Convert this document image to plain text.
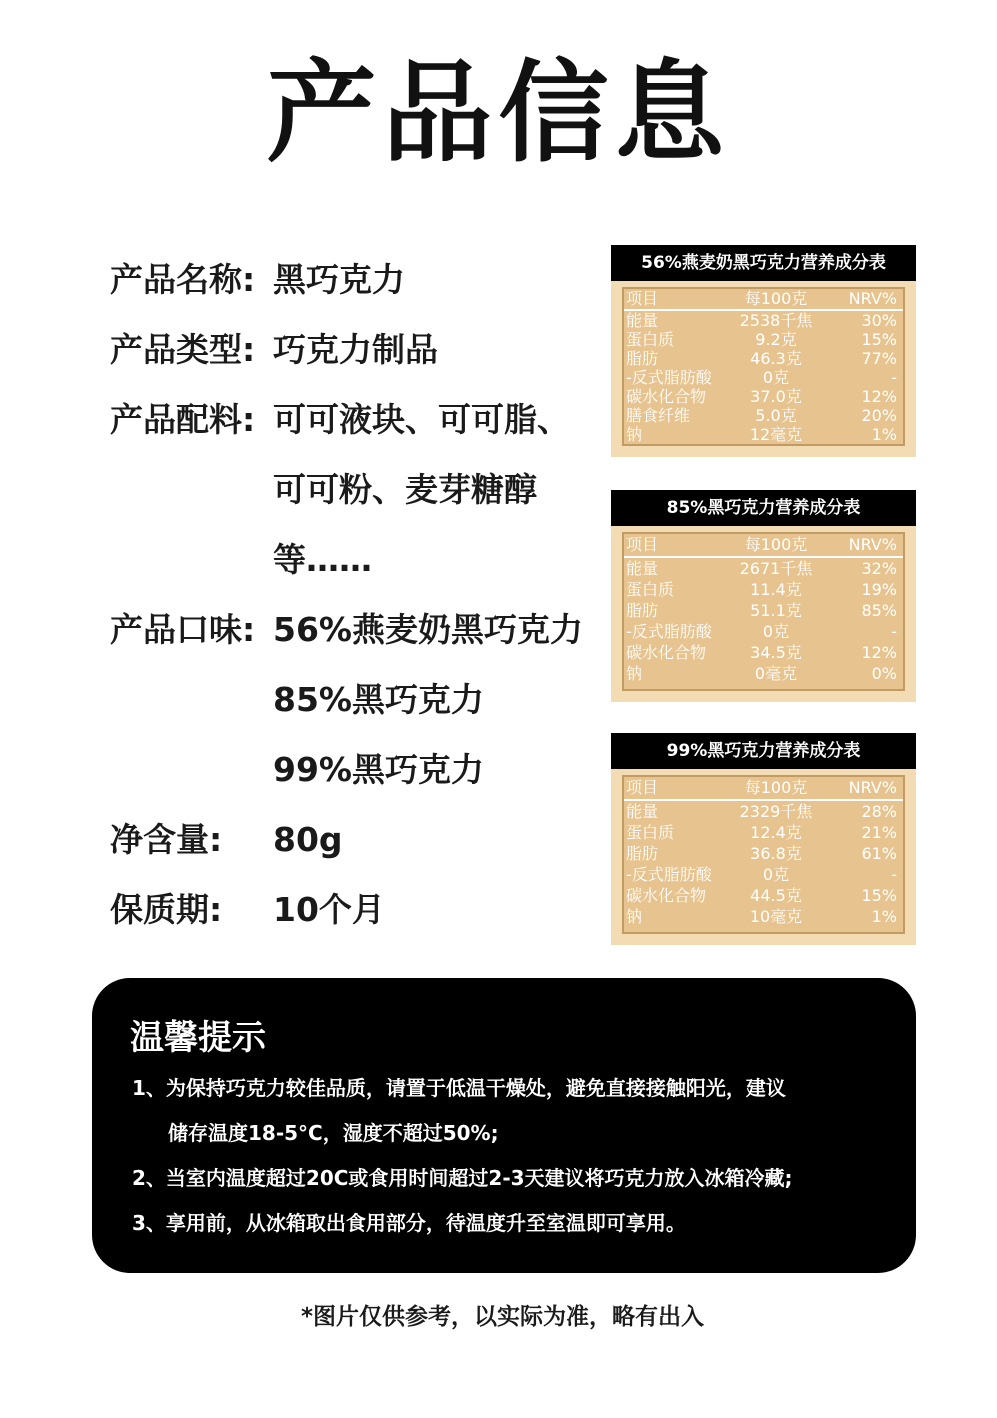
产品信息
产品名称: 黑巧克力
产品类型: 巧克力制品
产品配料: 可可液块、可可脂、
可可粉、麦芽糖醇
等……
产品口味: 56%燕麦奶黑巧克力
85%黑巧克力
99%黑巧克力
净含量:	80g
保质期:	10个月
56%燕麦奶黑巧克力营养成分表
项目	每100克	NRV%
能量	2538千焦	30%
蛋白质	9.2克	15%
脂肪	46.3克	77%
-反式脂肪酸	0克	-
碳水化合物	37.0克	12%
膳食纤维	5.0克	20%
钠	12毫克	1%
85%黑巧克力营养成分表
项目	每100克	NRV%
能量	2671千焦	32%
蛋白质	11.4克	19%
脂肪	51.1克	85%
-反式脂肪酸	0克	-
碳水化合物	34.5克	12%
钠	0毫克	0%
99%黑巧克力营养成分表
项目	每100克	NRV%
能量	2329千焦	28%
蛋白质	12.4克	21%
脂肪	36.8克	61%
-反式脂肪酸	0克	-
碳水化合物	44.5克	15%
钠	10毫克	1%
温馨提示
1、为保持巧克力较佳品质，请置于低温干燥处，避免直接接触阳光，建议
储存温度18-5°C，湿度不超过50%;
2、当室内温度超过20C或食用时间超过2-3天建议将巧克力放入冰箱冷藏;
3、享用前，从冰箱取出食用部分，待温度升至室温即可享用。
*图片仅供参考，以实际为准，略有出入
